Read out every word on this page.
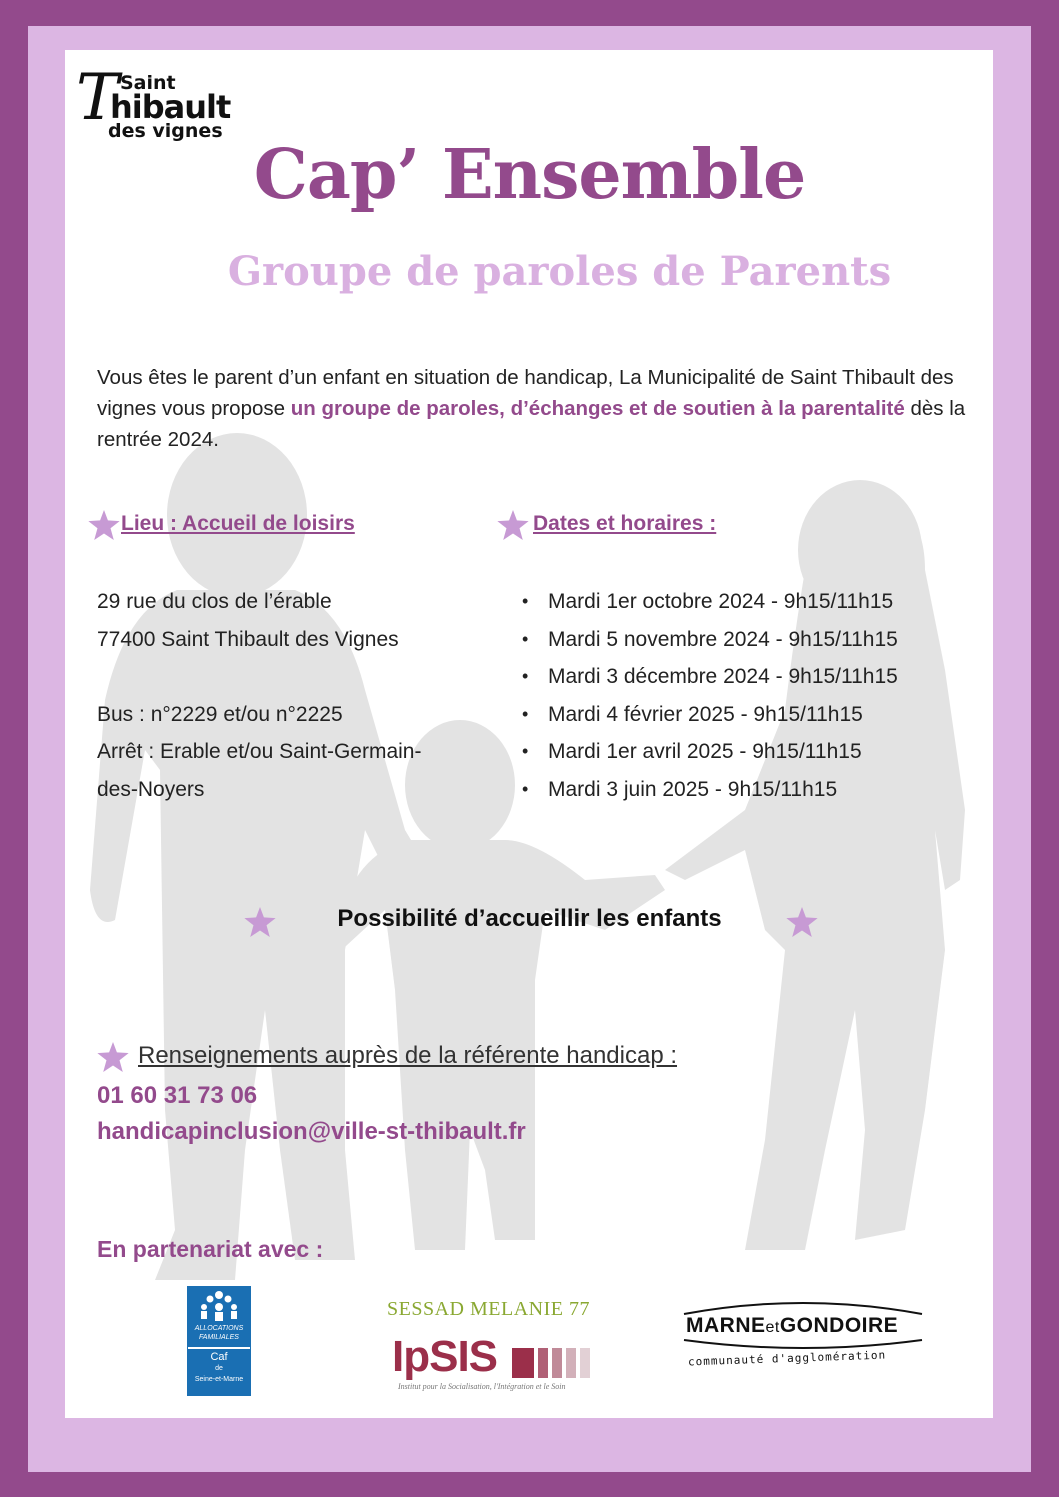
T Saint
hibault
des vignes
Cap’ Ensemble
Groupe de paroles de Parents
Vous êtes le parent d’un enfant en situation de handicap, La Municipalité de Saint Thibault des vignes vous propose un groupe de paroles, d’échanges et de soutien à la parentalité dès la rentrée 2024.
Lieu : Accueil de loisirs	Dates et horaires :
29 rue du clos de l’érable
77400 Saint Thibault des Vignes

Bus : n°2229 et/ou n°2225
Arrêt : Erable et/ou Saint-Germain-
des-Noyers
• Mardi 1er octobre 2024 - 9h15/11h15
• Mardi 5 novembre 2024 - 9h15/11h15
• Mardi 3 décembre 2024 - 9h15/11h15
• Mardi 4 février 2025 - 9h15/11h15
• Mardi 1er avril 2025 - 9h15/11h15
• Mardi 3 juin 2025 - 9h15/11h15
Possibilité d’accueillir les enfants
Renseignements auprès de la référente handicap :
01 60 31 73 06
handicapinclusion@ville-st-thibault.fr
En partenariat avec :
ALLOCATIONS
FAMILIALES
Caf
de
Seine-et-Marne
SESSAD MELANIE 77
IpSIS
Institut pour la Socialisation, l'Intégration et le Soin
MARNEetGONDOIRE
communauté d'agglomération
